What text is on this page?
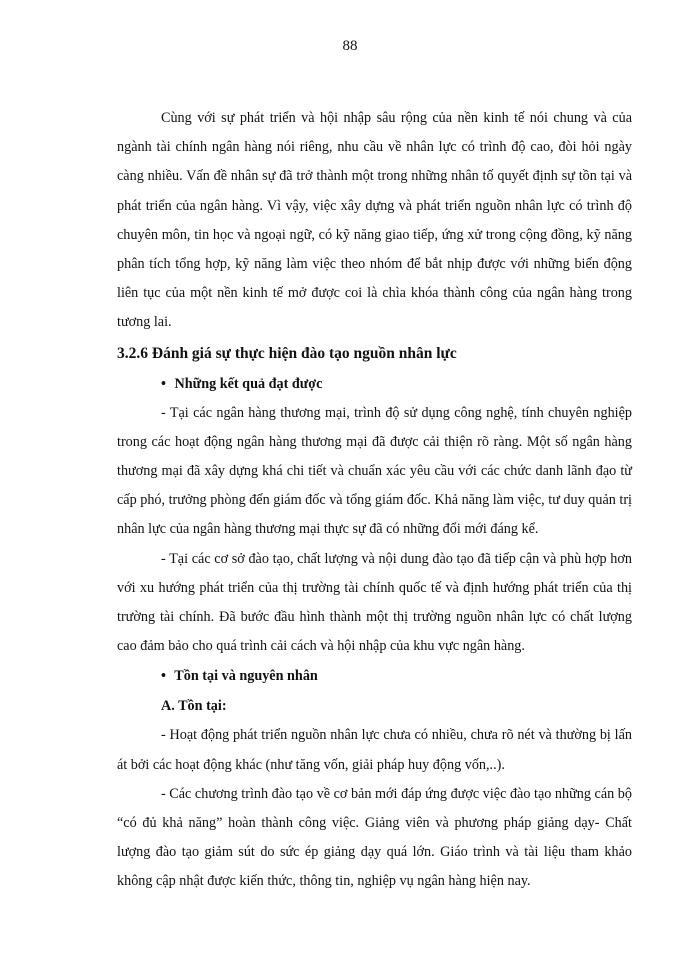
88

Cùng với sự phát triển và hội nhập sâu rộng của nền kinh tế nói chung và của ngành tài chính ngân hàng nói riêng, nhu cầu về nhân lực có trình độ cao, đòi hỏi ngày càng nhiều. Vấn đề nhân sự đã trở thành một trong những nhân tố quyết định sự tồn tại và phát triển của ngân hàng. Vì vậy, việc xây dựng và phát triển nguồn nhân lực có trình độ chuyên môn, tin học và ngoại ngữ, có kỹ năng giao tiếp, ứng xử trong cộng đồng, kỹ năng phân tích tổng hợp, kỹ năng làm việc theo nhóm để bắt nhịp được với những biến động liên tục của một nền kinh tế mở được coi là chìa khóa thành công của ngân hàng trong tương lai.

3.2.6 Đánh giá sự thực hiện đào tạo nguồn nhân lực

• Những kết quả đạt được

- Tại các ngân hàng thương mại, trình độ sử dụng công nghệ, tính chuyên nghiệp trong các hoạt động ngân hàng thương mại đã được cải thiện rõ ràng. Một số ngân hàng thương mại đã xây dựng khá chi tiết và chuẩn xác yêu cầu với các chức danh lãnh đạo từ cấp phó, trưởng phòng đến giám đốc và tổng giám đốc. Khả năng làm việc, tư duy quản trị nhân lực của ngân hàng thương mại thực sự đã có những đổi mới đáng kể.

- Tại các cơ sở đào tạo, chất lượng và nội dung đào tạo đã tiếp cận và phù hợp hơn với xu hướng phát triển của thị trường tài chính quốc tế và định hướng phát triển của thị trường tài chính. Đã bước đầu hình thành một thị trường nguồn nhân lực có chất lượng cao đảm bảo cho quá trình cải cách và hội nhập của khu vực ngân hàng.

• Tồn tại và nguyên nhân

A. Tồn tại:

- Hoạt động phát triển nguồn nhân lực chưa có nhiều, chưa rõ nét và thường bị lấn át bởi các hoạt động khác (như tăng vốn, giải pháp huy động vốn,..).

- Các chương trình đào tạo về cơ bản mới đáp ứng được việc đào tạo những cán bộ “có đủ khả năng” hoàn thành công việc. Giảng viên và phương pháp giảng dạy- Chất lượng đào tạo giảm sút do sức ép giảng dạy quá lớn. Giáo trình và tài liệu tham khảo không cập nhật được kiến thức, thông tin, nghiệp vụ ngân hàng hiện nay.
